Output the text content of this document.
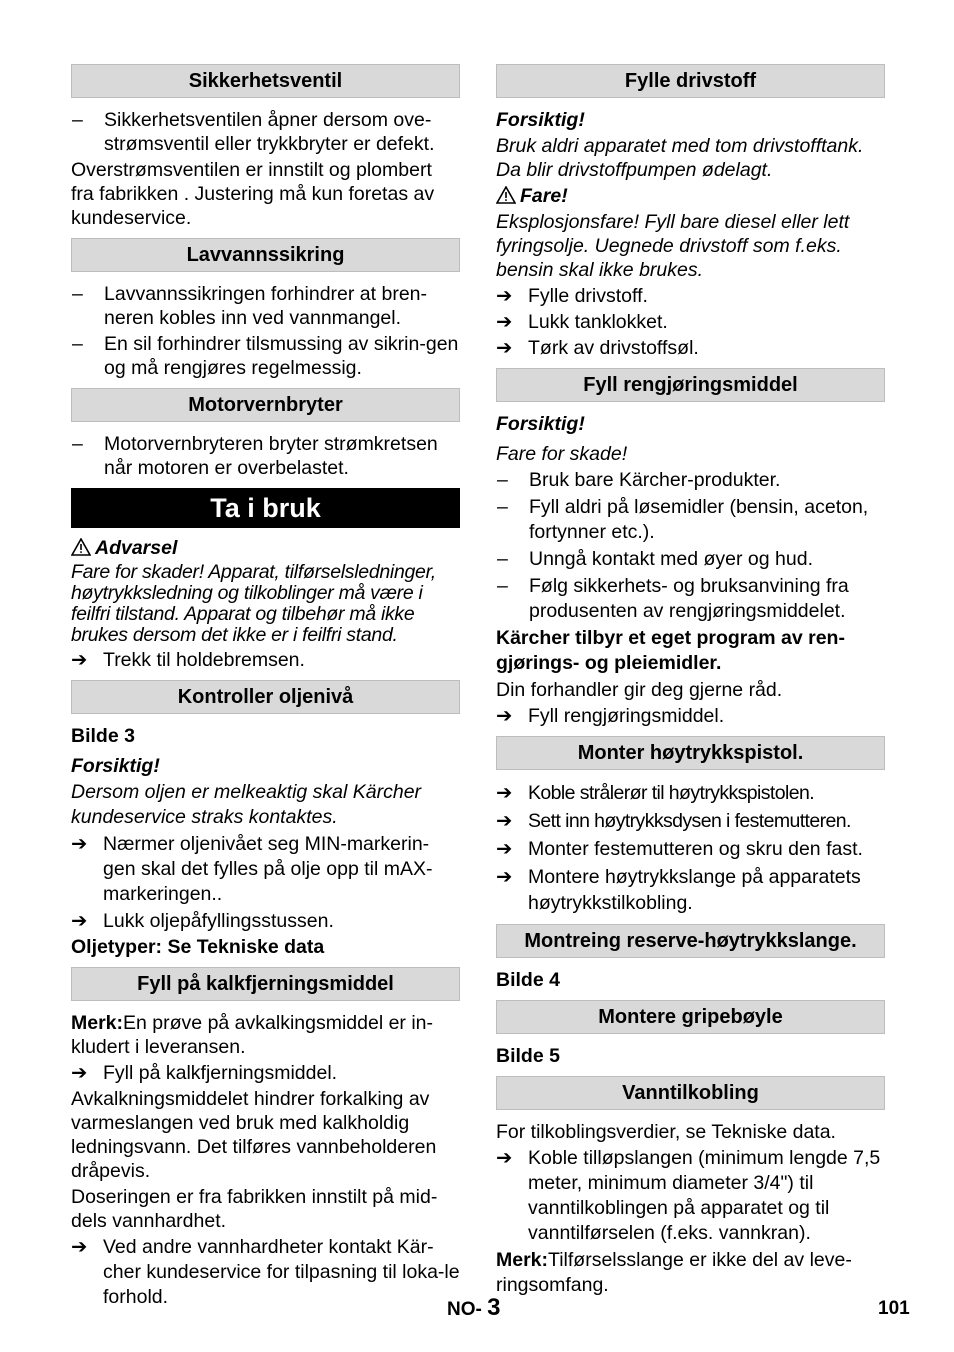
Sikkerhetsventil
–	Sikkerhetsventilen åpner dersom ove-strømsventil eller trykkbryter er defekt.

Overstrømsventilen er innstilt og plombert fra fabrikken . Justering må kun foretas av kundeservice.

Lavvannssikring
–	Lavvannssikringen forhindrer at bren-neren kobles inn ved vannmangel.
–	En sil forhindrer tilsmussing av sikrin-gen og må rengjøres regelmessig.
Motorvernbryter
–	Motorvernbryteren bryter strømkretsen når motoren er overbelastet.
Ta i bruk

Advarsel

Fare for skader! Apparat, tilførselsledninger, høytrykksledning og tilkoblinger må være i feilfri tilstand. Apparat og tilbehør må ikke brukes dersom det ikke er i feilfri stand.

➔ Trekk til holdebremsen.
Kontroller oljenivå

Bilde 3

Forsiktig!

Dersom oljen er melkeaktig skal Kärcher kundeservice straks kontaktes.

➔ Nærmer oljenivået seg MIN-markerin-gen skal det fylles på olje opp til mAX-markeringen..
➔ Lukk oljepåfyllingsstussen.

Oljetyper: Se Tekniske data

Fyll på kalkfjerningsmiddel

Merk:En prøve på avkalkingsmiddel er in-kludert i leveransen.

➔ Fyll på kalkfjerningsmiddel.

Avkalkningsmiddelet hindrer forkalking av varmeslangen ved bruk med kalkholdig ledningsvann. Det tilføres vannbeholderen dråpevis.

Doseringen er fra fabrikken innstilt på mid-dels vannhardhet.

➔ Ved andre vannhardheter kontakt Kär-cher kundeservice for tilpasning til loka-le forhold.
Fylle drivstoff

Forsiktig!

Bruk aldri apparatet med tom drivstofftank. Da blir drivstoffpumpen ødelagt.

Fare!

Eksplosjonsfare! Fyll bare diesel eller lett fyringsolje. Uegnede drivstoff som f.eks. bensin skal ikke brukes.

➔ Fylle drivstoff.
➔ Lukk tanklokket.
➔ Tørk av drivstoffsøl.
Fyll rengjøringsmiddel

Forsiktig!

Fare for skade!

–	Bruk bare Kärcher-produkter.
–	Fyll aldri på løsemidler (bensin, aceton, fortynner etc.).
–	Unngå kontakt med øyer og hud.
–	Følg sikkerhets- og bruksanvining fra produsenten av rengjøringsmiddelet.

Kärcher tilbyr et eget program av ren-gjørings- og pleiemidler.

Din forhandler gir deg gjerne råd.

➔ Fyll rengjøringsmiddel.
Monter høytrykkspistol.
➔ Koble strålerør til høytrykkspistolen.
➔ Sett inn høytrykksdysen i festemutteren.
➔ Monter festemutteren og skru den fast.
➔ Montere høytrykkslange på apparatets høytrykkstilkobling.
Montreing reserve-høytrykkslange.

Bilde 4

Montere gripebøyle

Bilde 5

Vanntilkobling

For tilkoblingsverdier, se Tekniske data.

➔ Koble tilløpslangen (minimum lengde 7,5 meter, minimum diameter 3/4") til vanntilkoblingen på apparatet og til vanntilførselen (f.eks. vannkran).

Merk:Tilførselsslange er ikke del av leve-ringsomfang.

NO- 3	101
